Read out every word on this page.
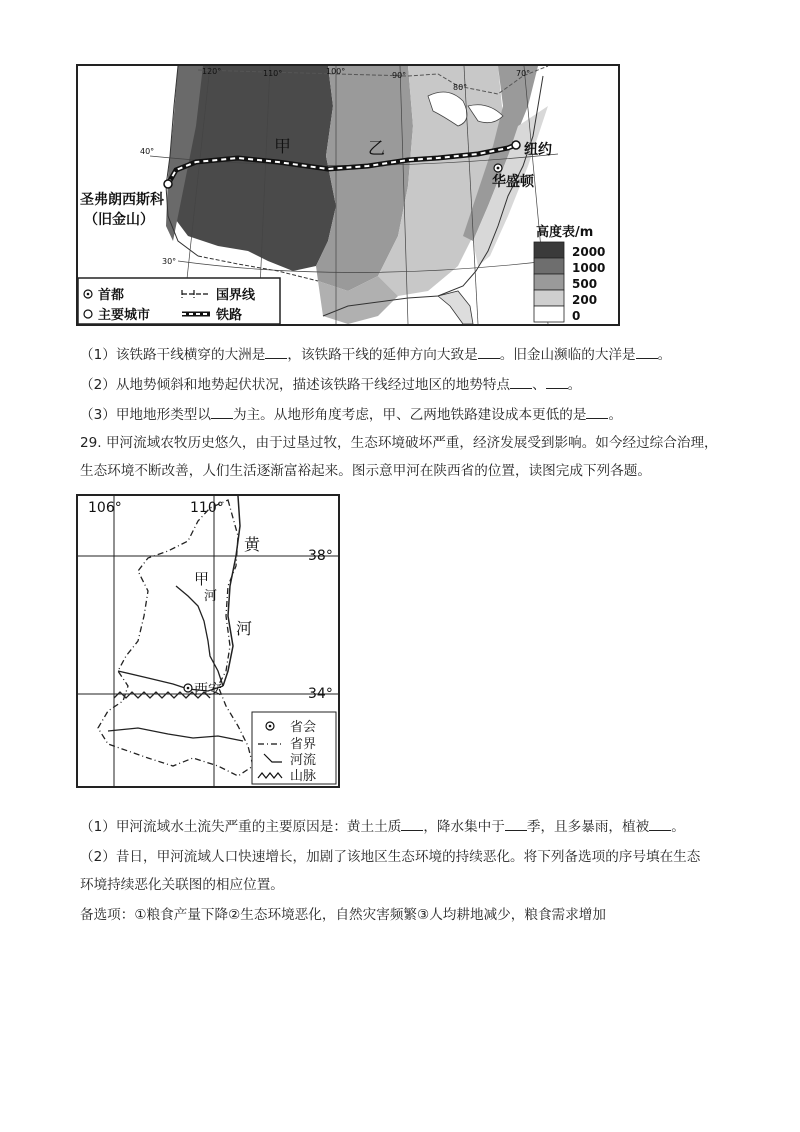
120°	110°	100°	90°
80°
70°
40°
30°
甲	乙
圣弗朗西斯科
（旧金山）
纽约
华盛顿
首都
主要城市
国界线
铁路
高度表/m
2000
1000
500
200
0
（1）该铁路干线横穿的大洲是 ，该铁路干线的延伸方向大致是 。旧金山濒临的大洋是 。
（2）从地势倾斜和地势起伏状况，描述该铁路干线经过地区的地势特点 、 。
（3）甲地地形类型以 为主。从地形角度考虑，甲、乙两地铁路建设成本更低的是 。
29. 甲河流域农牧历史悠久，由于过垦过牧，生态环境破坏严重，经济发展受到影响。如今经过综合治理，
生态环境不断改善，人们生活逐渐富裕起来。图示意甲河在陕西省的位置，读图完成下列各题。
106°	110°
38°
34°
黄
甲
河
河
西安
省会
省界
河流
山脉
（1）甲河流域水土流失严重的主要原因是：黄土土质 ，降水集中于 季，且多暴雨，植被 。
（2）昔日，甲河流域人口快速增长，加剧了该地区生态环境的持续恶化。将下列备选项的序号填在生态
环境持续恶化关联图的相应位置。
备选项：①粮食产量下降②生态环境恶化，自然灾害频繁③人均耕地减少，粮食需求增加
